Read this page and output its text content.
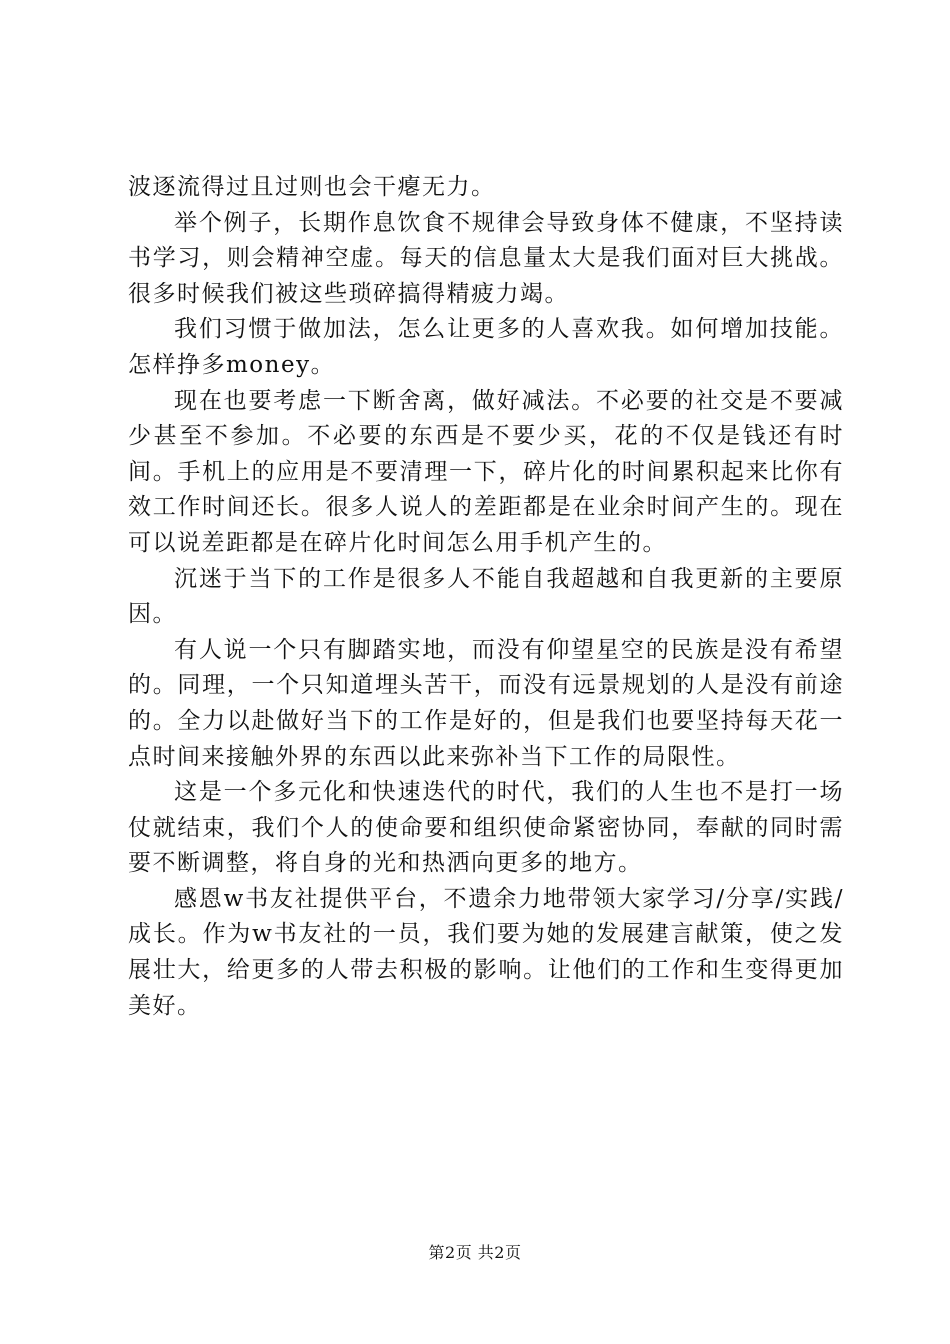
波逐流得过且过则也会干瘪无力。

举个例子，长期作息饮食不规律会导致身体不健康，不坚持读书学习，则会精神空虚。每天的信息量太大是我们面对巨大挑战。很多时候我们被这些琐碎搞得精疲力竭。

我们习惯于做加法，怎么让更多的人喜欢我。如何增加技能。怎样挣多money。

现在也要考虑一下断舍离，做好减法。不必要的社交是不要减少甚至不参加。不必要的东西是不要少买，花的不仅是钱还有时间。手机上的应用是不要清理一下，碎片化的时间累积起来比你有效工作时间还长。很多人说人的差距都是在业余时间产生的。现在可以说差距都是在碎片化时间怎么用手机产生的。

沉迷于当下的工作是很多人不能自我超越和自我更新的主要原因。

有人说一个只有脚踏实地，而没有仰望星空的民族是没有希望的。同理，一个只知道埋头苦干，而没有远景规划的人是没有前途的。全力以赴做好当下的工作是好的，但是我们也要坚持每天花一点时间来接触外界的东西以此来弥补当下工作的局限性。

这是一个多元化和快速迭代的时代，我们的人生也不是打一场仗就结束，我们个人的使命要和组织使命紧密协同，奉献的同时需要不断调整，将自身的光和热洒向更多的地方。

感恩w书友社提供平台，不遗余力地带领大家学习/分享/实践/成长。作为w书友社的一员，我们要为她的发展建言献策，使之发展壮大，给更多的人带去积极的影响。让他们的工作和生变得更加美好。

第2页 共2页
